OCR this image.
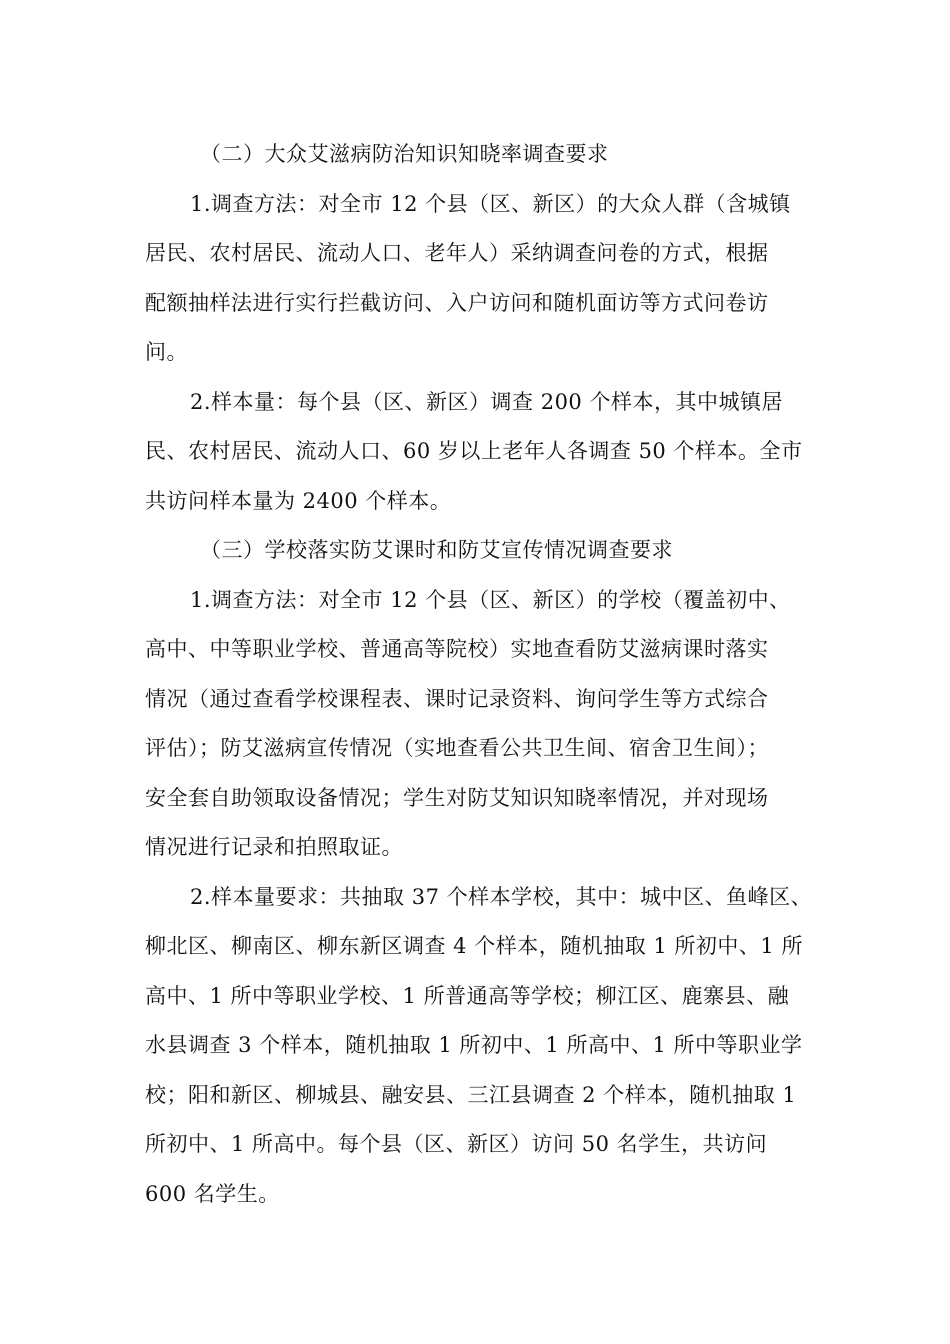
（二）大众艾滋病防治知识知晓率调查要求
1.调查方法：对全市 12 个县（区、新区）的大众人群（含城镇
居民、农村居民、流动人口、老年人）采纳调查问卷的方式，根据
配额抽样法进行实行拦截访问、入户访问和随机面访等方式问卷访
问。
2.样本量：每个县（区、新区）调查 200 个样本，其中城镇居
民、农村居民、流动人口、60 岁以上老年人各调查 50 个样本。全市
共访问样本量为 2400 个样本。
（三）学校落实防艾课时和防艾宣传情况调查要求
1.调查方法：对全市 12 个县（区、新区）的学校（覆盖初中、
高中、中等职业学校、普通高等院校）实地查看防艾滋病课时落实
情况（通过查看学校课程表、课时记录资料、询问学生等方式综合
评估）；防艾滋病宣传情况（实地查看公共卫生间、宿舍卫生间）；
安全套自助领取设备情况；学生对防艾知识知晓率情况，并对现场
情况进行记录和拍照取证。
2.样本量要求：共抽取 37 个样本学校，其中：城中区、鱼峰区、
柳北区、柳南区、柳东新区调查 4 个样本，随机抽取 1 所初中、1 所
高中、1 所中等职业学校、1 所普通高等学校；柳江区、鹿寨县、融
水县调查 3 个样本，随机抽取 1 所初中、1 所高中、1 所中等职业学
校；阳和新区、柳城县、融安县、三江县调查 2 个样本，随机抽取 1
所初中、1 所高中。每个县（区、新区）访问 50 名学生，共访问
600 名学生。
